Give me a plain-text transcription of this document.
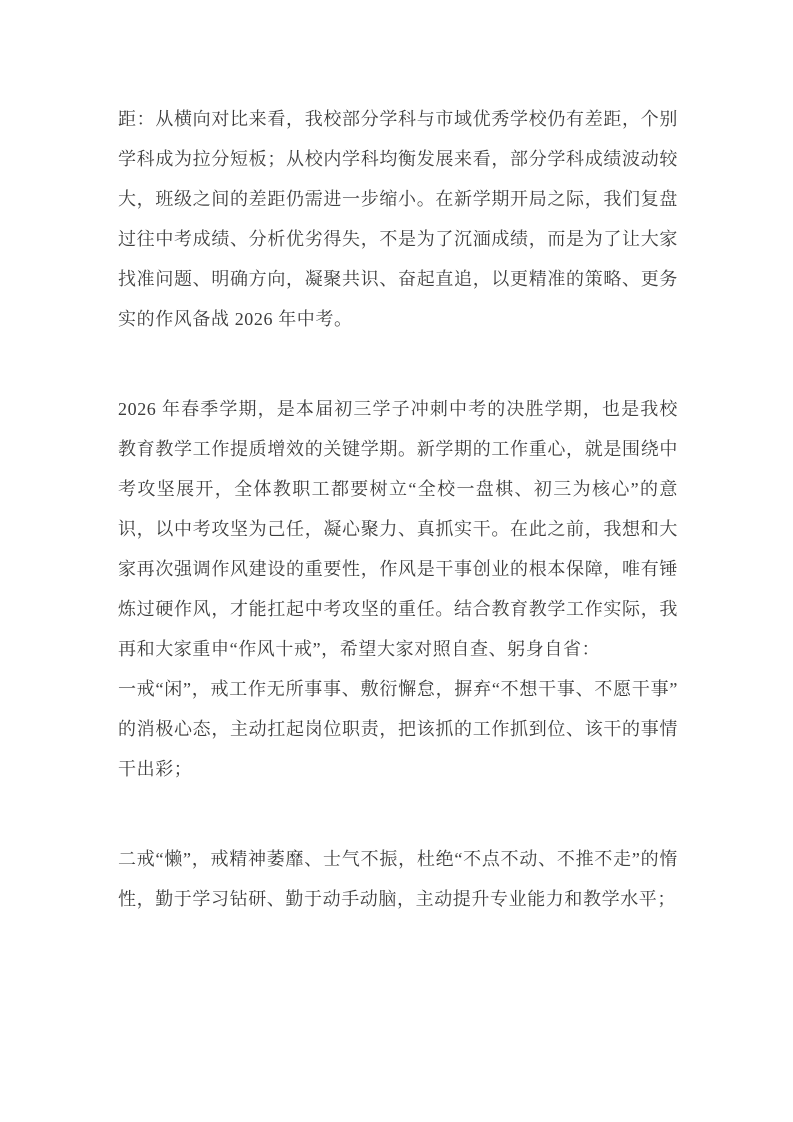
距：从横向对比来看，我校部分学科与市域优秀学校仍有差距，个别学科成为拉分短板；从校内学科均衡发展来看，部分学科成绩波动较大，班级之间的差距仍需进一步缩小。在新学期开局之际，我们复盘过往中考成绩、分析优劣得失，不是为了沉湎成绩，而是为了让大家找准问题、明确方向，凝聚共识、奋起直追，以更精准的策略、更务实的作风备战 2026 年中考。

2026 年春季学期，是本届初三学子冲刺中考的决胜学期，也是我校教育教学工作提质增效的关键学期。新学期的工作重心，就是围绕中考攻坚展开，全体教职工都要树立“全校一盘棋、初三为核心”的意识，以中考攻坚为己任，凝心聚力、真抓实干。在此之前，我想和大家再次强调作风建设的重要性，作风是干事创业的根本保障，唯有锤炼过硬作风，才能扛起中考攻坚的重任。结合教育教学工作实际，我再和大家重申“作风十戒”，希望大家对照自查、躬身自省：

一戒“闲”，戒工作无所事事、敷衍懈怠，摒弃“不想干事、不愿干事”的消极心态，主动扛起岗位职责，把该抓的工作抓到位、该干的事情干出彩；

二戒“懒”，戒精神萎靡、士气不振，杜绝“不点不动、不推不走”的惰性，勤于学习钻研、勤于动手动脑，主动提升专业能力和教学水平；
